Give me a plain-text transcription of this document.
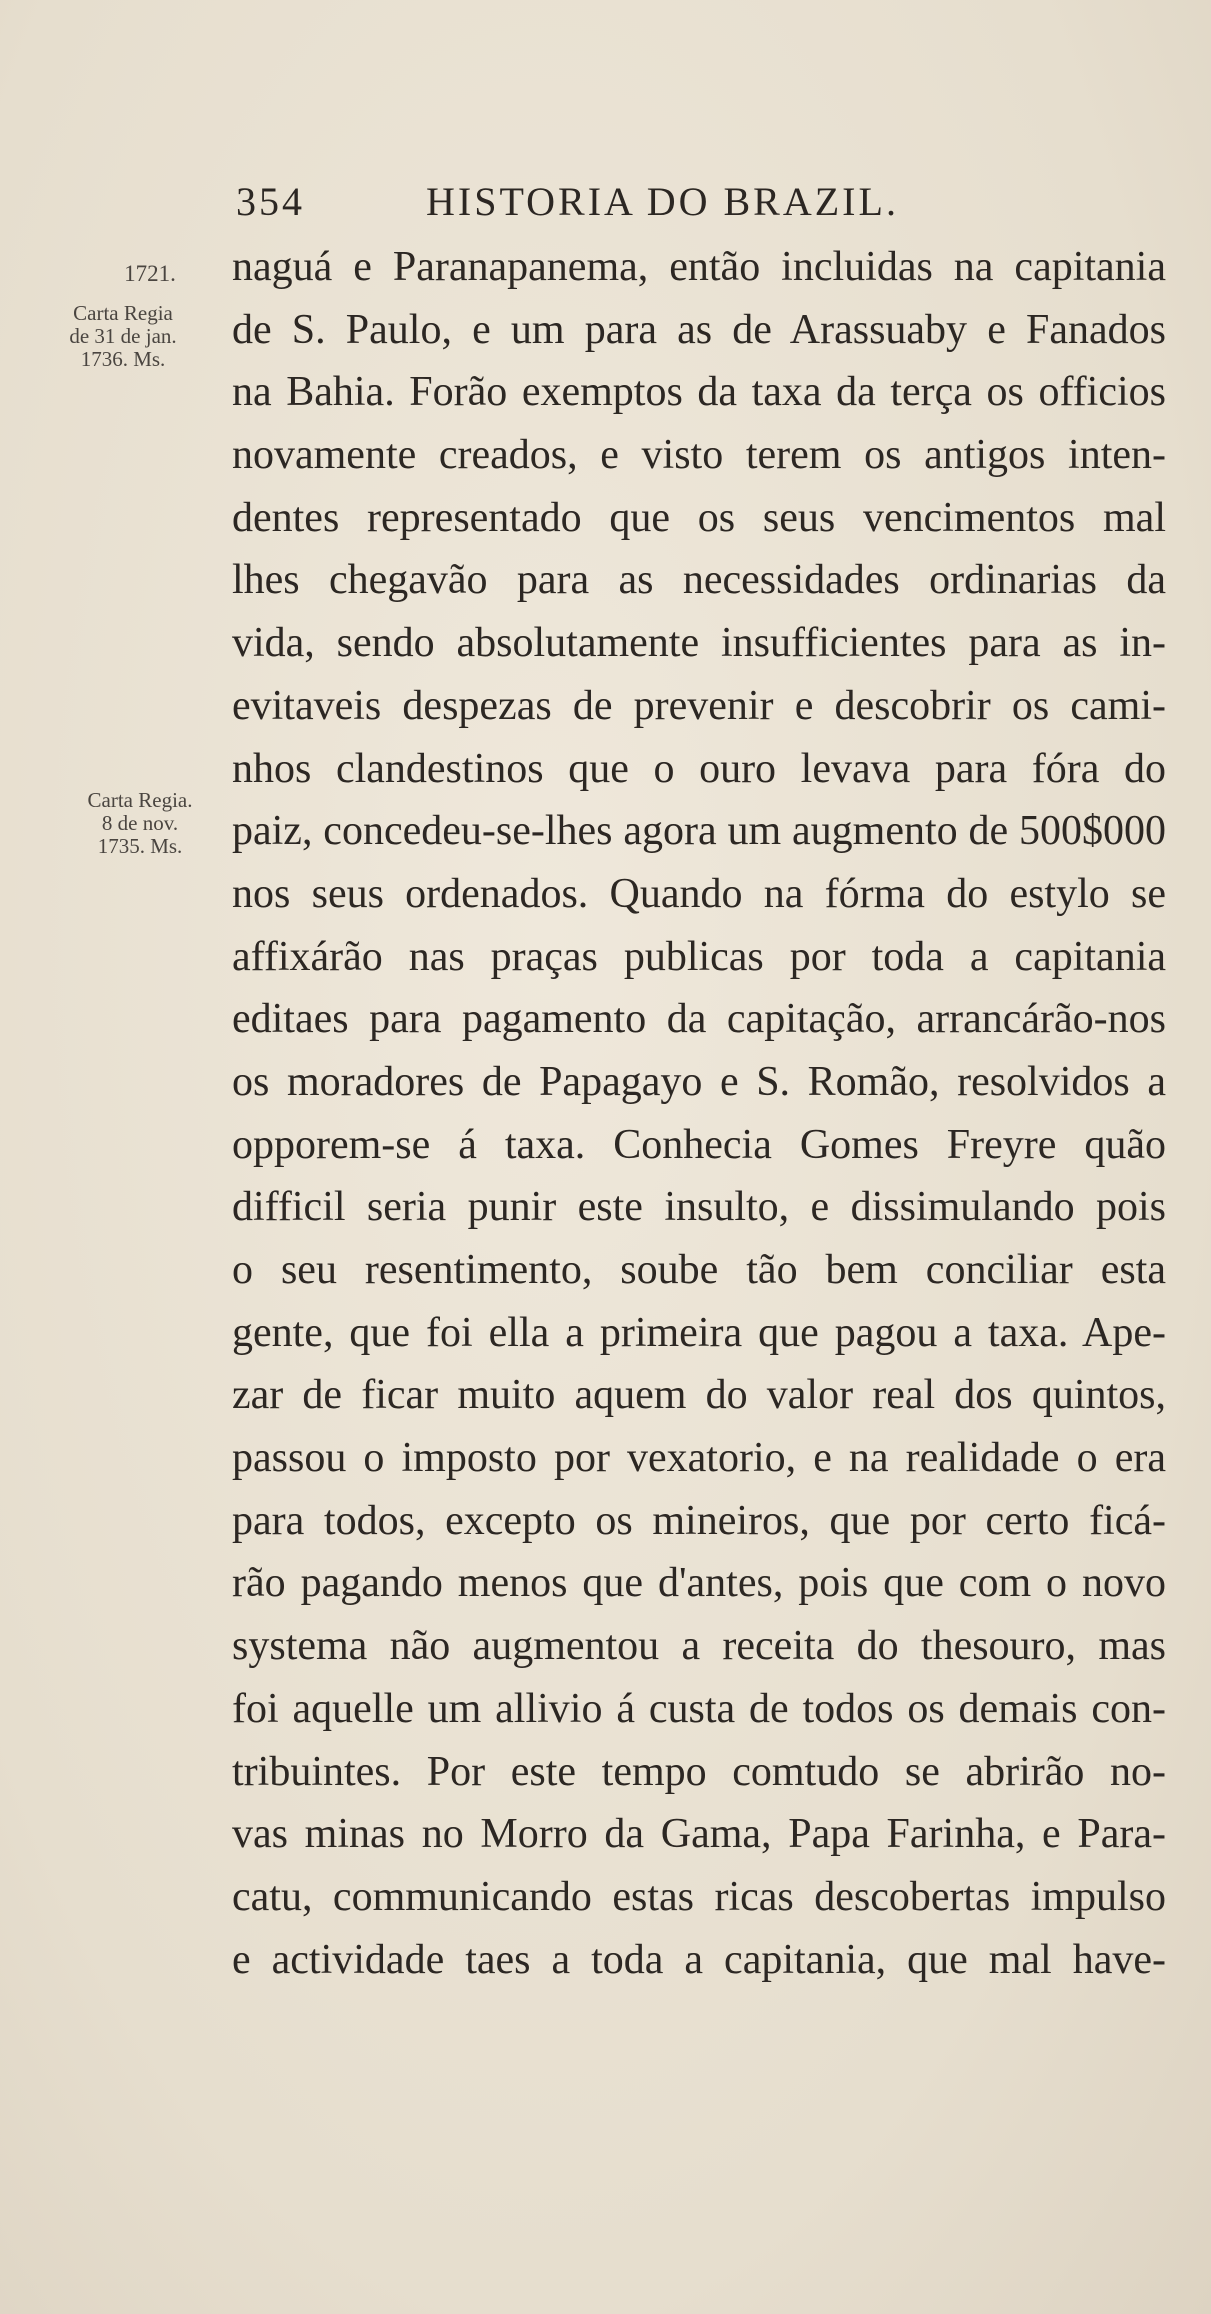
354	HISTORIA DO BRAZIL.
1721.
Carta Regia
de 31 de jan.
1736. Ms.
Carta Regia.
8 de nov.
1735. Ms.
naguá e Paranapanema, então incluidas na capitania
de S. Paulo, e um para as de Arassuaby e Fanados
na Bahia. Forão exemptos da taxa da terça os officios
novamente creados, e visto terem os antigos inten-
dentes representado que os seus vencimentos mal
lhes chegavão para as necessidades ordinarias da
vida, sendo absolutamente insufficientes para as in-
evitaveis despezas de prevenir e descobrir os cami-
nhos clandestinos que o ouro levava para fóra do
paiz, concedeu-se-lhes agora um augmento de 500$000
nos seus ordenados. Quando na fórma do estylo se
affixárão nas praças publicas por toda a capitania
editaes para pagamento da capitação, arrancárão-nos
os moradores de Papagayo e S. Romão, resolvidos a
opporem-se á taxa. Conhecia Gomes Freyre quão
difficil seria punir este insulto, e dissimulando pois
o seu resentimento, soube tão bem conciliar esta
gente, que foi ella a primeira que pagou a taxa. Ape-
zar de ficar muito aquem do valor real dos quintos,
passou o imposto por vexatorio, e na realidade o era
para todos, excepto os mineiros, que por certo ficá-
rão pagando menos que d'antes, pois que com o novo
systema não augmentou a receita do thesouro, mas
foi aquelle um allivio á custa de todos os demais con-
tribuintes. Por este tempo comtudo se abrirão no-
vas minas no Morro da Gama, Papa Farinha, e Para-
catu, communicando estas ricas descobertas impulso
e actividade taes a toda a capitania, que mal have-
